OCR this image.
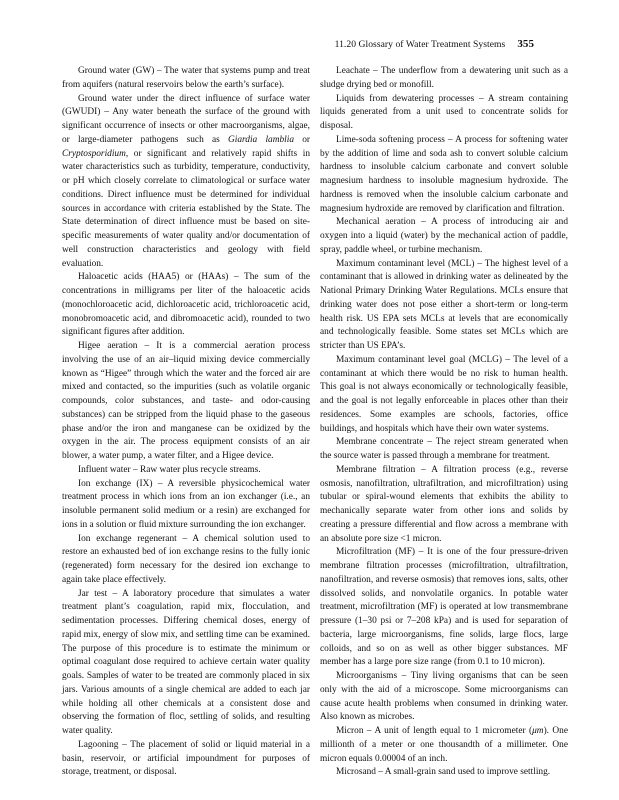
11.20 Glossary of Water Treatment Systems 355

Ground water (GW) – The water that systems pump and treat from aquifers (natural reservoirs below the earth’s surface).

Ground water under the direct influence of surface water (GWUDI) – Any water beneath the surface of the ground with significant occurrence of insects or other macroorganisms, algae, or large-diameter pathogens such as Giardia lamblia or Cryptosporidium, or significant and relatively rapid shifts in water characteristics such as turbidity, temperature, conductivity, or pH which closely correlate to climatological or surface water conditions. Direct influence must be determined for individual sources in accordance with criteria established by the State. The State determination of direct influence must be based on site-specific measurements of water quality and/or documentation of well construction characteristics and geology with field evaluation.

Haloacetic acids (HAA5) or (HAAs) – The sum of the concentrations in milligrams per liter of the haloacetic acids (monochloroacetic acid, dichloroacetic acid, trichloroacetic acid, monobromoacetic acid, and dibromoacetic acid), rounded to two significant figures after addition.

Higee aeration – It is a commercial aeration process involving the use of an air–liquid mixing device commercially known as “Higee” through which the water and the forced air are mixed and contacted, so the impurities (such as volatile organic compounds, color substances, and taste- and odor-causing substances) can be stripped from the liquid phase to the gaseous phase and/or the iron and manganese can be oxidized by the oxygen in the air. The process equipment consists of an air blower, a water pump, a water filter, and a Higee device.

Influent water – Raw water plus recycle streams.

Ion exchange (IX) – A reversible physicochemical water treatment process in which ions from an ion exchanger (i.e., an insoluble permanent solid medium or a resin) are exchanged for ions in a solution or fluid mixture surrounding the ion exchanger.

Ion exchange regenerant – A chemical solution used to restore an exhausted bed of ion exchange resins to the fully ionic (regenerated) form necessary for the desired ion exchange to again take place effectively.

Jar test – A laboratory procedure that simulates a water treatment plant’s coagulation, rapid mix, flocculation, and sedimentation processes. Differing chemical doses, energy of rapid mix, energy of slow mix, and settling time can be examined. The purpose of this procedure is to estimate the minimum or optimal coagulant dose required to achieve certain water quality goals. Samples of water to be treated are commonly placed in six jars. Various amounts of a single chemical are added to each jar while holding all other chemicals at a consistent dose and observing the formation of floc, settling of solids, and resulting water quality.

Lagooning – The placement of solid or liquid material in a basin, reservoir, or artificial impoundment for purposes of storage, treatment, or disposal.

Leachate – The underflow from a dewatering unit such as a sludge drying bed or monofill.

Liquids from dewatering processes – A stream containing liquids generated from a unit used to concentrate solids for disposal.

Lime-soda softening process – A process for softening water by the addition of lime and soda ash to convert soluble calcium hardness to insoluble calcium carbonate and convert soluble magnesium hardness to insoluble magnesium hydroxide. The hardness is removed when the insoluble calcium carbonate and magnesium hydroxide are removed by clarification and filtration.

Mechanical aeration – A process of introducing air and oxygen into a liquid (water) by the mechanical action of paddle, spray, paddle wheel, or turbine mechanism.

Maximum contaminant level (MCL) – The highest level of a contaminant that is allowed in drinking water as delineated by the National Primary Drinking Water Regulations. MCLs ensure that drinking water does not pose either a short-term or long-term health risk. US EPA sets MCLs at levels that are economically and technologically feasible. Some states set MCLs which are stricter than US EPA’s.

Maximum contaminant level goal (MCLG) – The level of a contaminant at which there would be no risk to human health. This goal is not always economically or technologically feasible, and the goal is not legally enforceable in places other than their residences. Some examples are schools, factories, office buildings, and hospitals which have their own water systems.

Membrane concentrate – The reject stream generated when the source water is passed through a membrane for treatment.

Membrane filtration – A filtration process (e.g., reverse osmosis, nanofiltration, ultrafiltration, and microfiltration) using tubular or spiral-wound elements that exhibits the ability to mechanically separate water from other ions and solids by creating a pressure differential and flow across a membrane with an absolute pore size <1 micron.

Microfiltration (MF) – It is one of the four pressure-driven membrane filtration processes (microfiltration, ultrafiltration, nanofiltration, and reverse osmosis) that removes ions, salts, other dissolved solids, and nonvolatile organics. In potable water treatment, microfiltration (MF) is operated at low transmembrane pressure (1–30 psi or 7–208 kPa) and is used for separation of bacteria, large microorganisms, fine solids, large flocs, large colloids, and so on as well as other bigger substances. MF member has a large pore size range (from 0.1 to 10 micron).

Microorganisms – Tiny living organisms that can be seen only with the aid of a microscope. Some microorganisms can cause acute health problems when consumed in drinking water. Also known as microbes.

Micron – A unit of length equal to 1 micrometer (μm). One millionth of a meter or one thousandth of a millimeter. One micron equals 0.00004 of an inch.

Microsand – A small-grain sand used to improve settling.
